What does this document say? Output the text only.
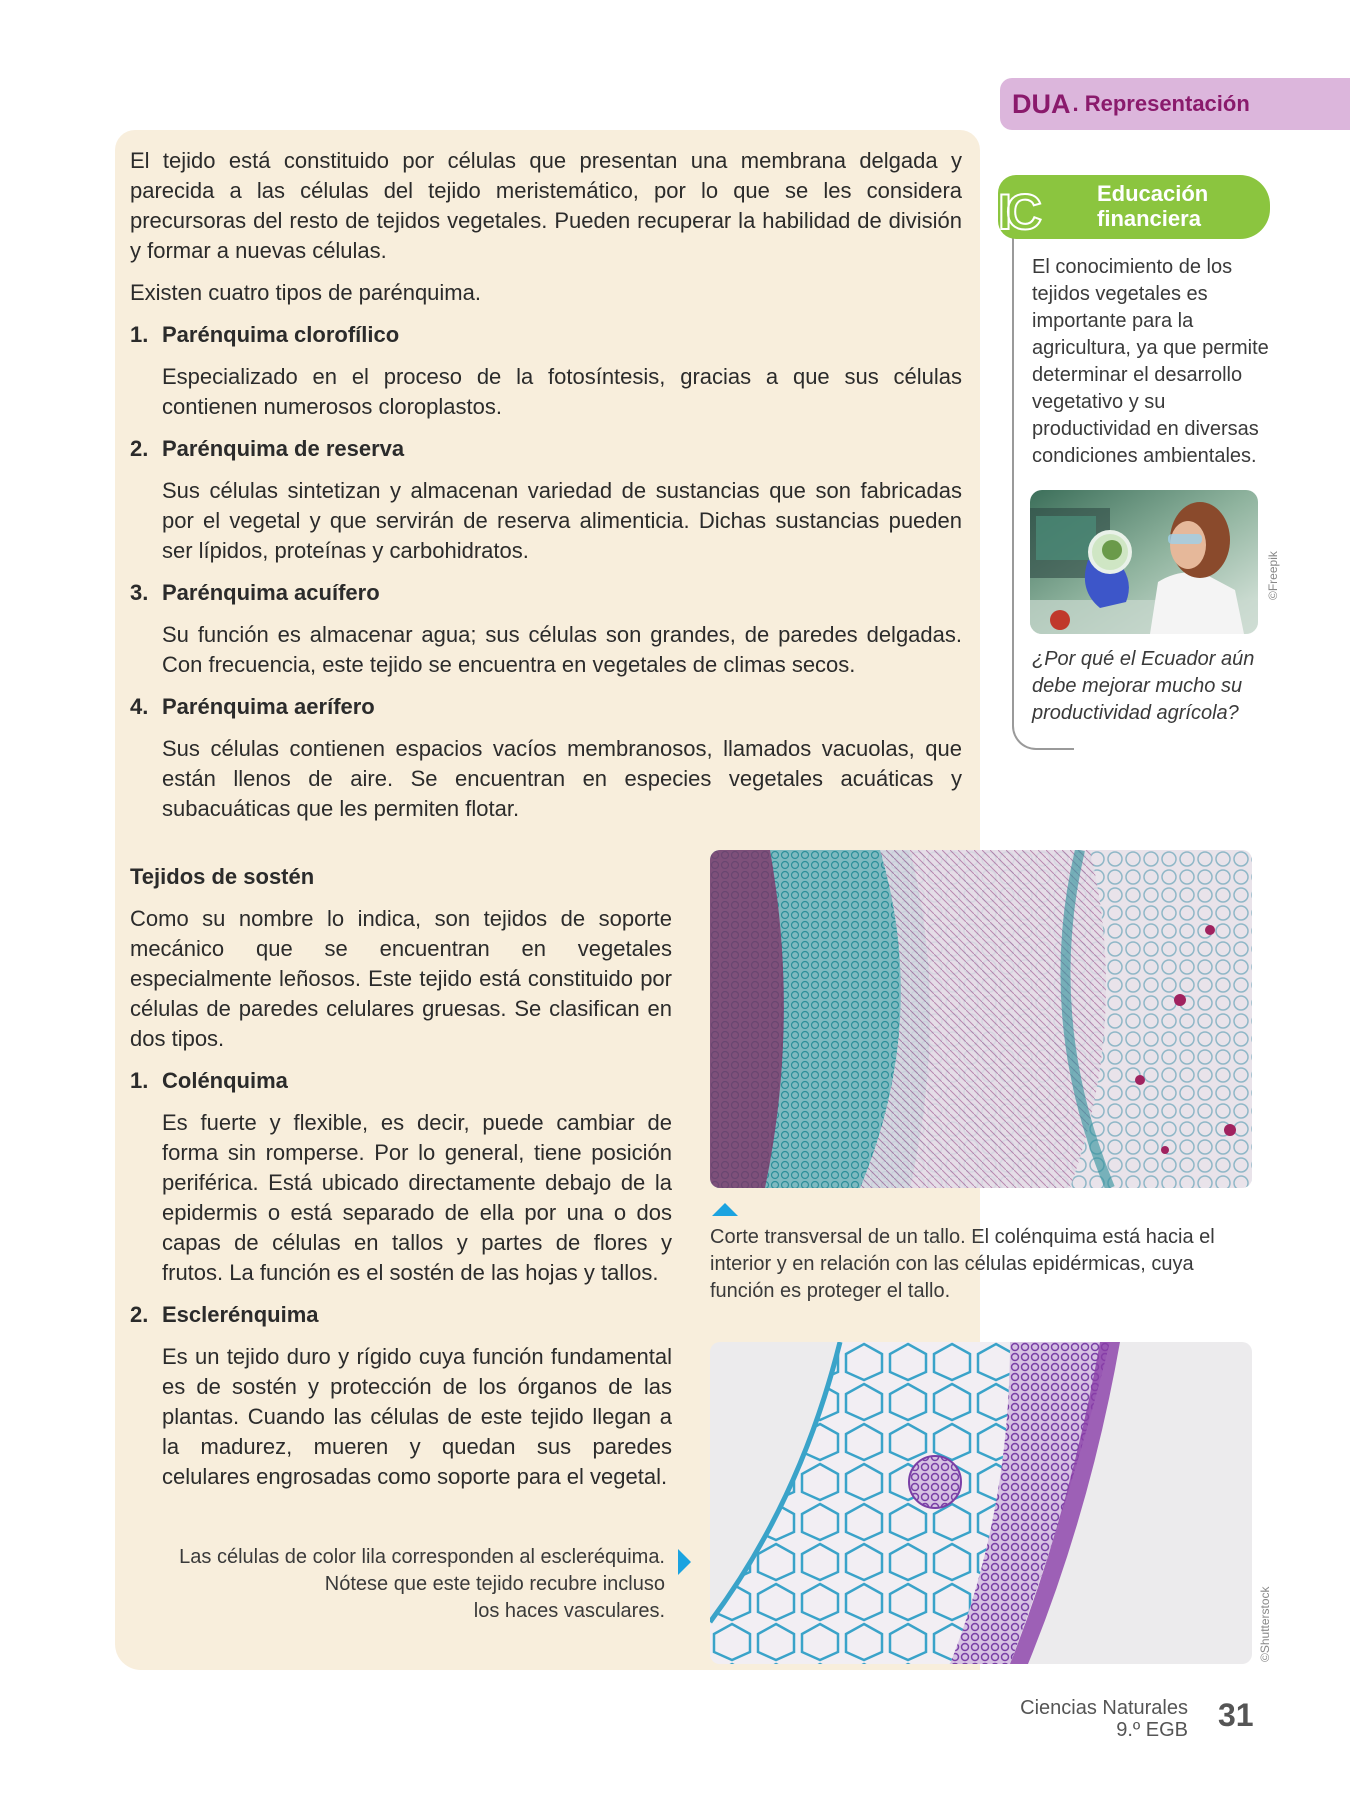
DUA . Representación

El tejido está constituido por células que presentan una membrana delgada y parecida a las células del tejido meristemático, por lo que se les considera precursoras del resto de tejidos vegetales. Pueden recuperar la habilidad de división y formar a nuevas células.

Existen cuatro tipos de parénquima.

1. Parénquima clorofílico

Especializado en el proceso de la fotosíntesis, gracias a que sus células contienen numerosos cloroplastos.

2. Parénquima de reserva

Sus células sintetizan y almacenan variedad de sustancias que son fabricadas por el vegetal y que servirán de reserva alimenticia. Dichas sustancias pueden ser lípidos, proteínas y carbohidratos.

3. Parénquima acuífero

Su función es almacenar agua; sus células son grandes, de paredes delgadas. Con frecuencia, este tejido se encuentra en vegetales de climas secos.

4. Parénquima aerífero

Sus células contienen espacios vacíos membranosos, llamados vacuolas, que están llenos de aire. Se encuentran en especies vegetales acuáticas y subacuáticas que les permiten flotar.

Tejidos de sostén

Como su nombre lo indica, son tejidos de soporte mecánico que se encuentran en vegetales especialmente leñosos. Este tejido está constituido por células de paredes celulares gruesas. Se clasifican en dos tipos.

1. Colénquima

Es fuerte y flexible, es decir, puede cambiar de forma sin romperse. Por lo general, tiene posición periférica. Está ubicado directamente debajo de la epidermis o está separado de ella por una o dos capas de células en tallos y partes de flores y frutos. La función es el sostén de las hojas y tallos.

2. Esclerénquima

Es un tejido duro y rígido cuya función fundamental es de sostén y protección de los órganos de las plantas. Cuando las células de este tejido llegan a la madurez, mueren y quedan sus paredes celulares engrosadas como soporte para el vegetal.

IC	Educación
financiera
El conocimiento de los tejidos vegetales es importante para la agricultura, ya que permite determinar el desarrollo vegetativo y su productividad en diversas condiciones ambientales.
©Freepik
¿Por qué el Ecuador aún debe mejorar mucho su productividad agrícola?
Corte transversal de un tallo. El colénquima está hacia el interior y en relación con las células epidérmicas, cuya función es proteger el tallo.
©Shutterstock
Las células de color lila corresponden al escleréquima.
Nótese que este tejido recubre incluso
los haces vasculares.
Ciencias Naturales
9.º EGB 31
